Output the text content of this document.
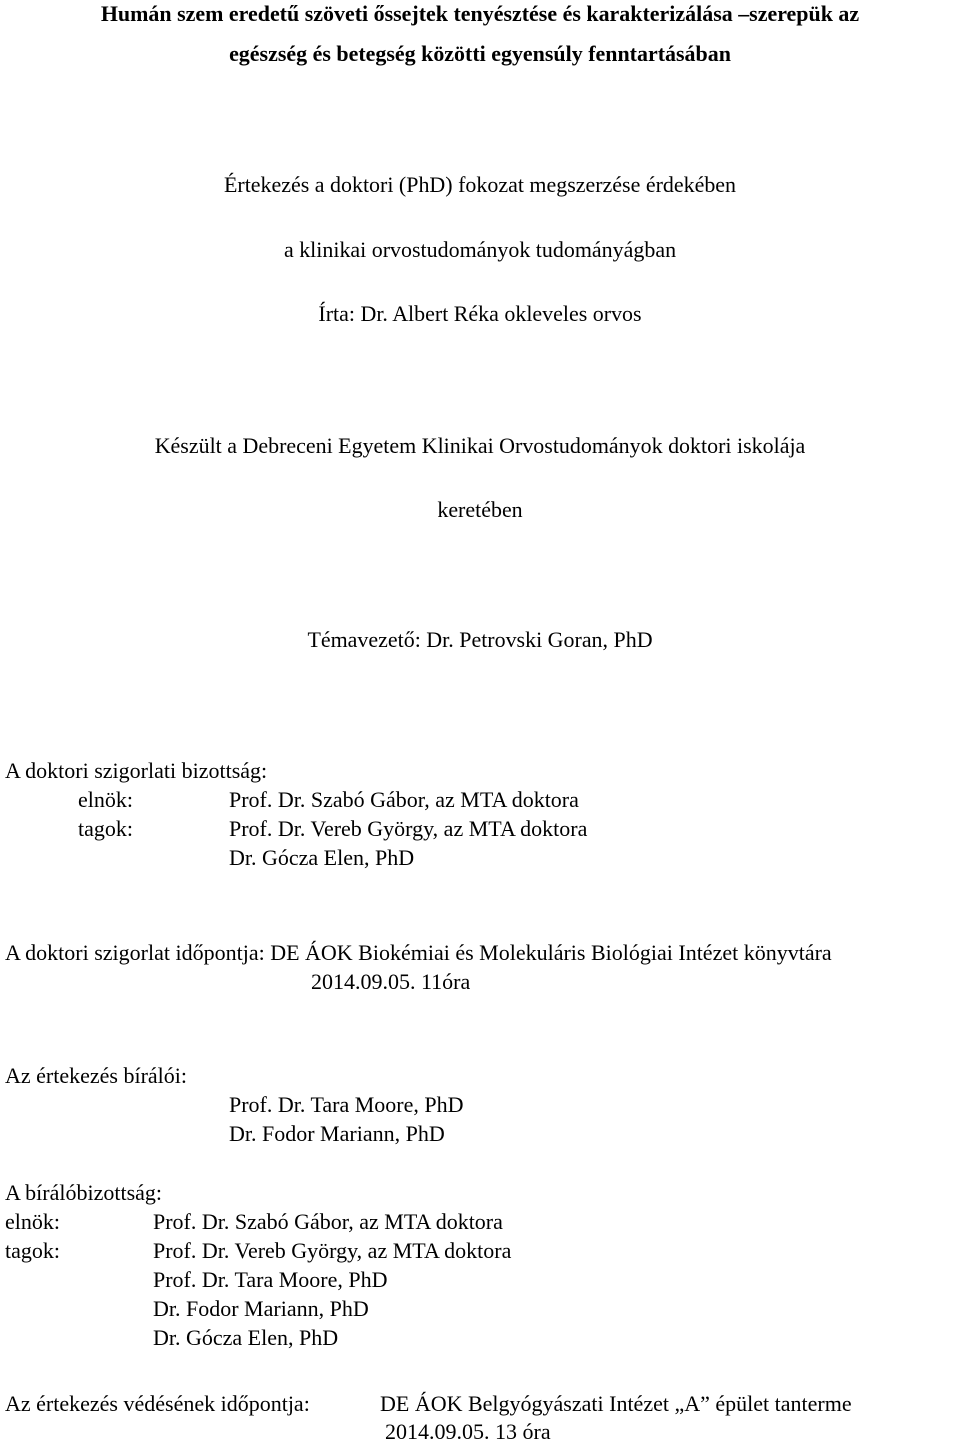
Humán szem eredetű szöveti őssejtek tenyésztése és karakterizálása –szerepük az
egészség és betegség közötti egyensúly fenntartásában
Értekezés a doktori (PhD) fokozat megszerzése érdekében
a klinikai orvostudományok tudományágban
Írta: Dr. Albert Réka okleveles orvos
Készült a Debreceni Egyetem Klinikai Orvostudományok doktori iskolája
keretében
Témavezető: Dr. Petrovski Goran, PhD
A doktori szigorlati bizottság:
elnök:	Prof. Dr. Szabó Gábor, az MTA doktora
tagok:	Prof. Dr. Vereb György, az MTA doktora
Dr. Gócza Elen, PhD
A doktori szigorlat időpontja: DE ÁOK Biokémiai és Molekuláris Biológiai Intézet könyvtára
2014.09.05. 11óra
Az értekezés bírálói:
Prof. Dr. Tara Moore, PhD
Dr. Fodor Mariann, PhD
A bírálóbizottság:
elnök:	Prof. Dr. Szabó Gábor, az MTA doktora
tagok:	Prof. Dr. Vereb György, az MTA doktora
Prof. Dr. Tara Moore, PhD
Dr. Fodor Mariann, PhD
Dr. Gócza Elen, PhD
Az értekezés védésének időpontja:	DE ÁOK Belgyógyászati Intézet „A” épület tanterme
2014.09.05. 13 óra
